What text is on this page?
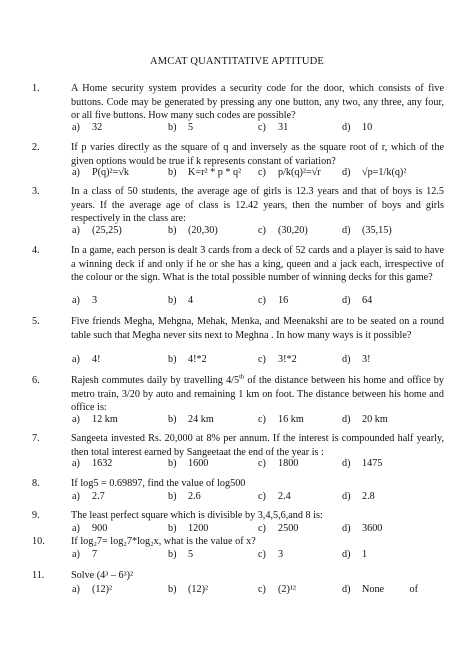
AMCAT QUANTITATIVE APTITUDE
1.	A Home security system provides a security code for the door, which consists of five buttons. Code may be generated by pressing any one button, any two, any three, any four, or all five buttons. How many such codes are possible?
a) 32	b) 5	c) 31	d) 10
2.	If p varies directly as the square of q and inversely as the square root of r, which of the given options would be true if k represents constant of variation?
a) P(q)²=√k	b) K=r² * p * q² c) p/k(q)²=√r d) √p=1/k(q)²
3.	In a class of 50 students, the average age of girls is 12.3 years and that of boys is 12.5 years. If the average age of class is 12.42 years, then the number of boys and girls respectively in the class are:
a) (25,25)	b) (20,30)	c) (30,20)	d) (35,15)
4.	In a game, each person is dealt 3 cards from a deck of 52 cards and a player is said to have a winning deck if and only if he or she has a king, queen and a jack each, irrespective of the colour or the sign. What is the total possible number of winning decks for this game?
a) 3	b) 4	c) 16	d) 64
5.	Five friends Megha, Mehgna, Mehak, Menka, and Meenakshi are to be seated on a round table such that Megha never sits next to Meghna . In how many ways is it possible?
a) 4!	b) 4!*2	c) 3!*2	d) 3!
6.	Rajesh commutes daily by travelling 4/5th of the distance between his home and office by metro train, 3/20 by auto and remaining 1 km on foot. The distance between his home and office is:
a) 12 km	b) 24 km	c) 16 km	d) 20 km
7.	Sangeeta invested Rs. 20,000 at 8% per annum. If the interest is compounded half yearly, then total interest earned by Sangeetaat the end of the year is :
a) 1632	b) 1600	c) 1800	d) 1475
8.	If log5 = 0.69897, find the value of log500
a) 2.7	b) 2.6	c) 2.4	d) 2.8
9.	The least perfect square which is divisible by 3,4,5,6,and 8 is:
a) 900	b) 1200	c) 2500	d) 3600
10.	If log₂7= log₂7*log₂x, what is the value of x?
a) 7	b) 5	c) 3	d) 1
11.	Solve (4³ – 6³)²
a) (12)²	b) (12)²	c) (2)¹²	d) None          of
